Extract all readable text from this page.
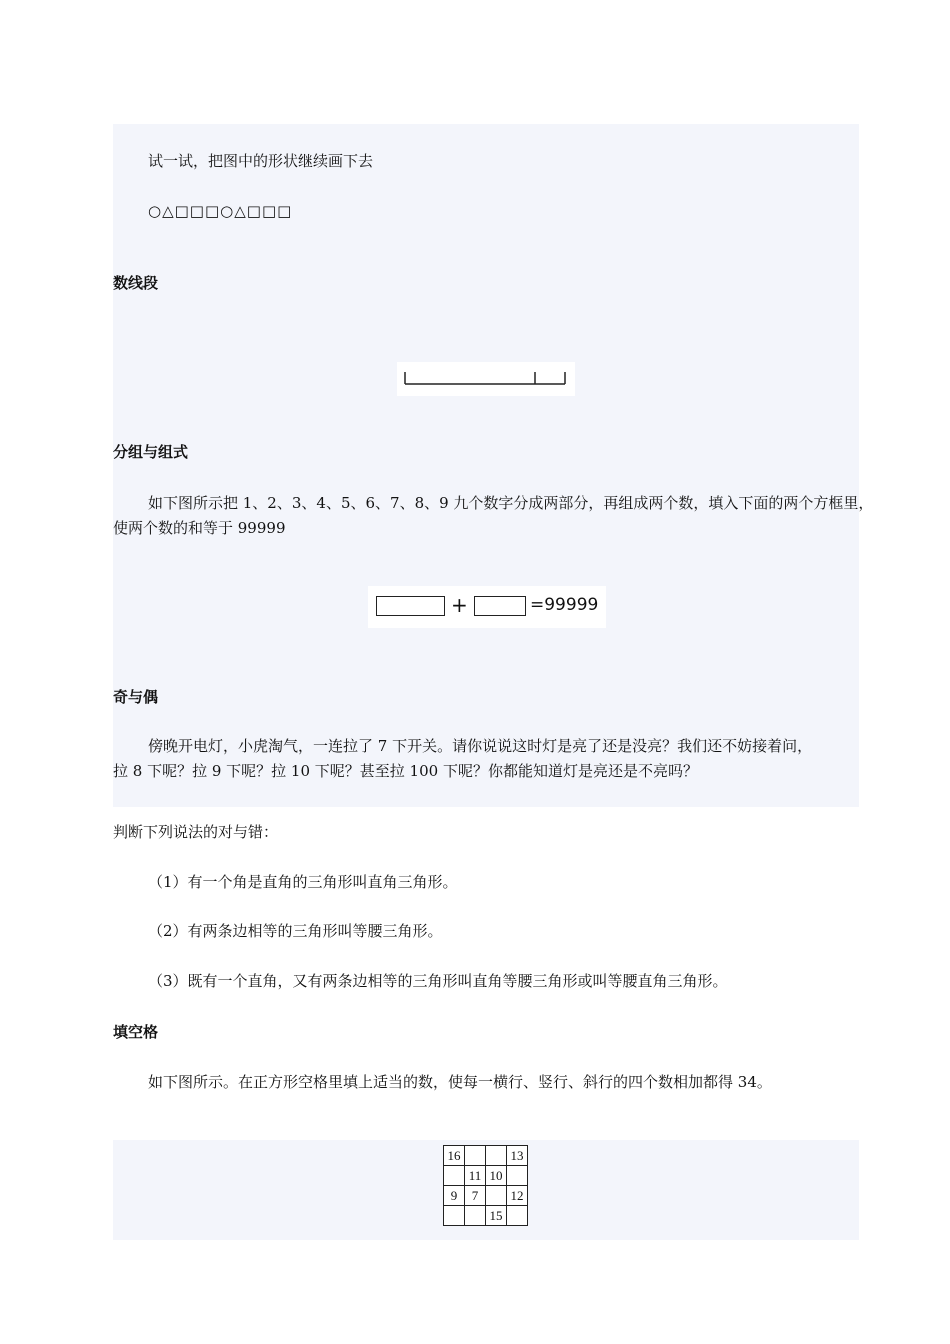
试一试，把图中的形状继续画下去

○△□□□○△□□□

数线段
分组与组式

如下图所示把 1、2、3、4、5、6、7、8、9 九个数字分成两部分，再组成两个数，填入下面的两个方框里，

使两个数的和等于 99999

+	=99999
奇与偶

傍晚开电灯，小虎淘气，一连拉了 7 下开关。请你说说这时灯是亮了还是没亮？我们还不妨接着问，

拉 8 下呢？拉 9 下呢？拉 10 下呢？甚至拉 100 下呢？你都能知道灯是亮还是不亮吗？

判断下列说法的对与错：

（1）有一个角是直角的三角形叫直角三角形。

（2）有两条边相等的三角形叫等腰三角形。

（3）既有一个直角，又有两条边相等的三角形叫直角等腰三角形或叫等腰直角三角形。

填空格

如下图所示。在正方形空格里填上适当的数，使每一横行、竖行、斜行的四个数相加都得 34。

16			13
	11	10	
9	7		12
		15	
